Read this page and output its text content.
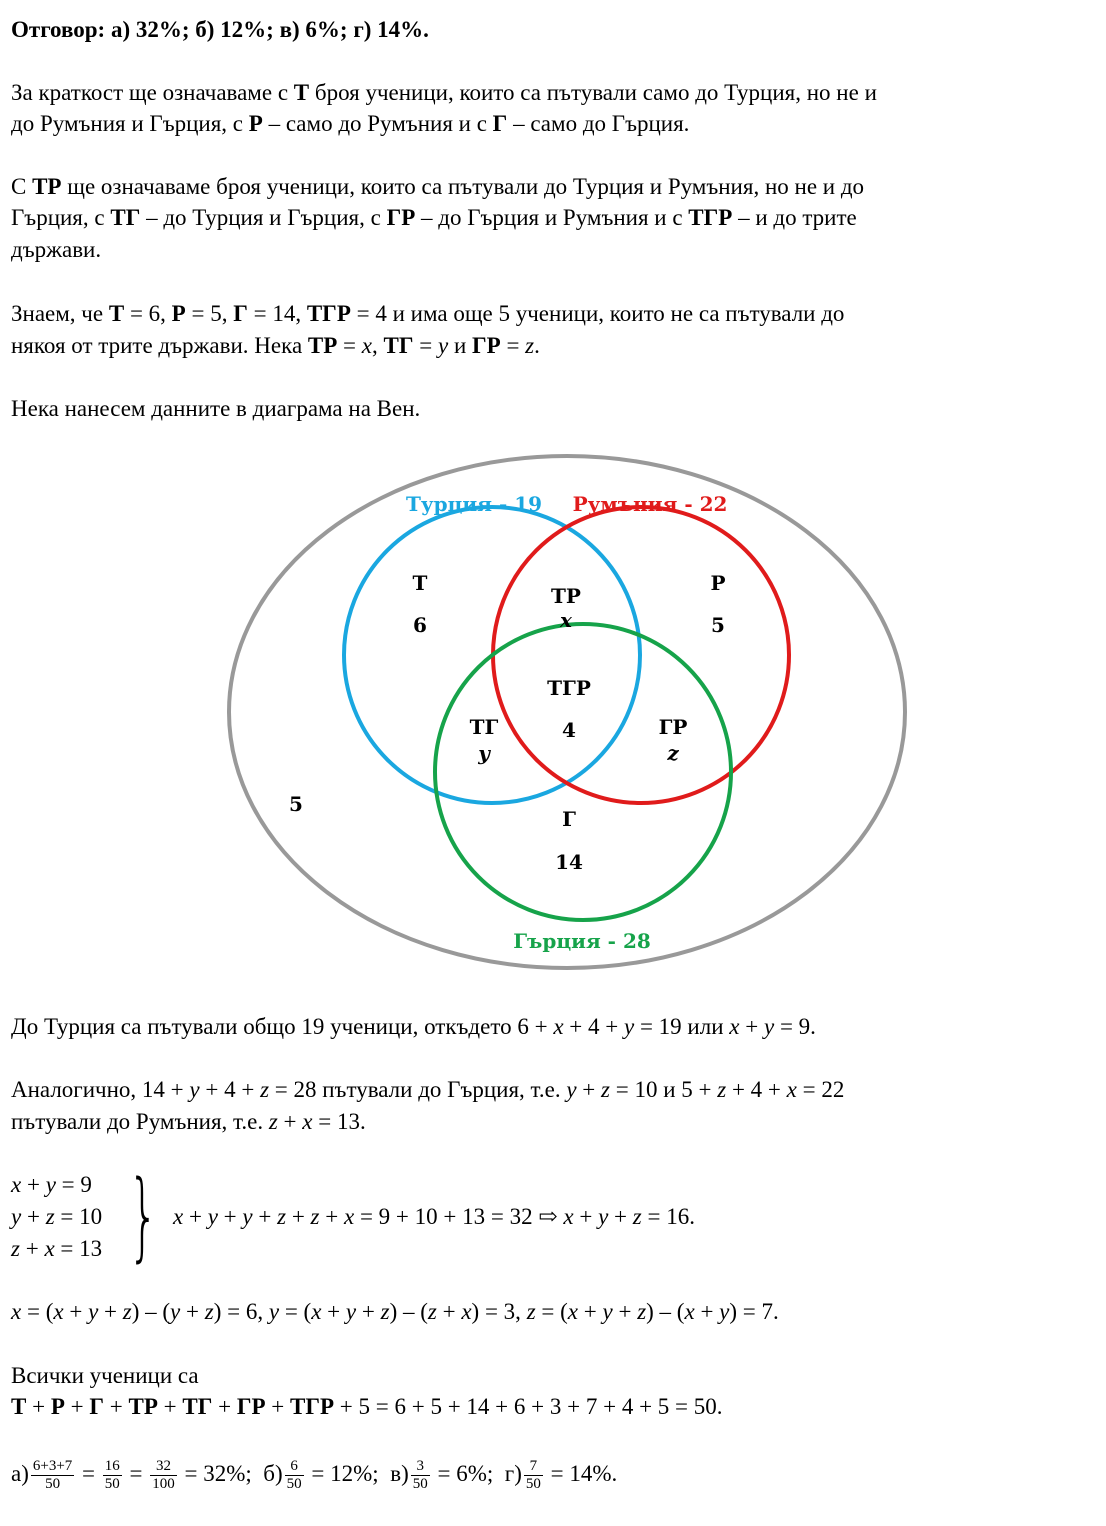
Отговор: а) 32%; б) 12%; в) 6%; г) 14%.
За краткост ще означаваме с Т броя ученици, които са пътували само до Турция, но не и
до Румъния и Гърция, с Р – само до Румъния и с Г – само до Гърция.
С ТР ще означаваме броя ученици, които са пътували до Турция и Румъния, но не и до
Гърция, с ТГ – до Турция и Гърция, с ГР – до Гърция и Румъния и с ТГР – и до трите
държави.
Знаем, че Т = 6, Р = 5, Г = 14, ТГР = 4 и има още 5 ученици, които не са пътували до
някоя от трите държави. Нека ТР = x, ТГ = y и ГР = z.
Нека нанесем данните в диаграма на Вен.
Турция - 19 Румъния - 22
Гърция - 28
Т
6
Р
5
ТР
x
ТГР
4
ТГ
y
ГР
z
Г
14
5
До Турция са пътували общо 19 ученици, откъдето 6 + x + 4 + y = 19 или x + y = 9.
Аналогично, 14 + y + 4 + z = 28 пътували до Гърция, т.е. y + z = 10 и 5 + z + 4 + x = 22
пътували до Румъния, т.е. z + x = 13.
x + y = 9
y + z = 10
z + x = 13 } x + y + y + z + z + x = 9 + 10 + 13 = 32 ⇨ x + y + z = 16.
x = (x + y + z) – (y + z) = 6, y = (x + y + z) – (z + x) = 3, z = (x + y + z) – (x + y) = 7.
Всички ученици са
Т + Р + Г + ТР + ТГ + ГР + ТГР + 5 = 6 + 5 + 14 + 6 + 3 + 7 + 4 + 5 = 50.
$а) \frac{6+3+7}{50} = \frac{16}{50} = \frac{32}{100} = 32\%$; $б) \frac{6}{50} = 12\%$; $в) \frac{3}{50} = 6\%$; $г) \frac{7}{50} = 14\%$.
